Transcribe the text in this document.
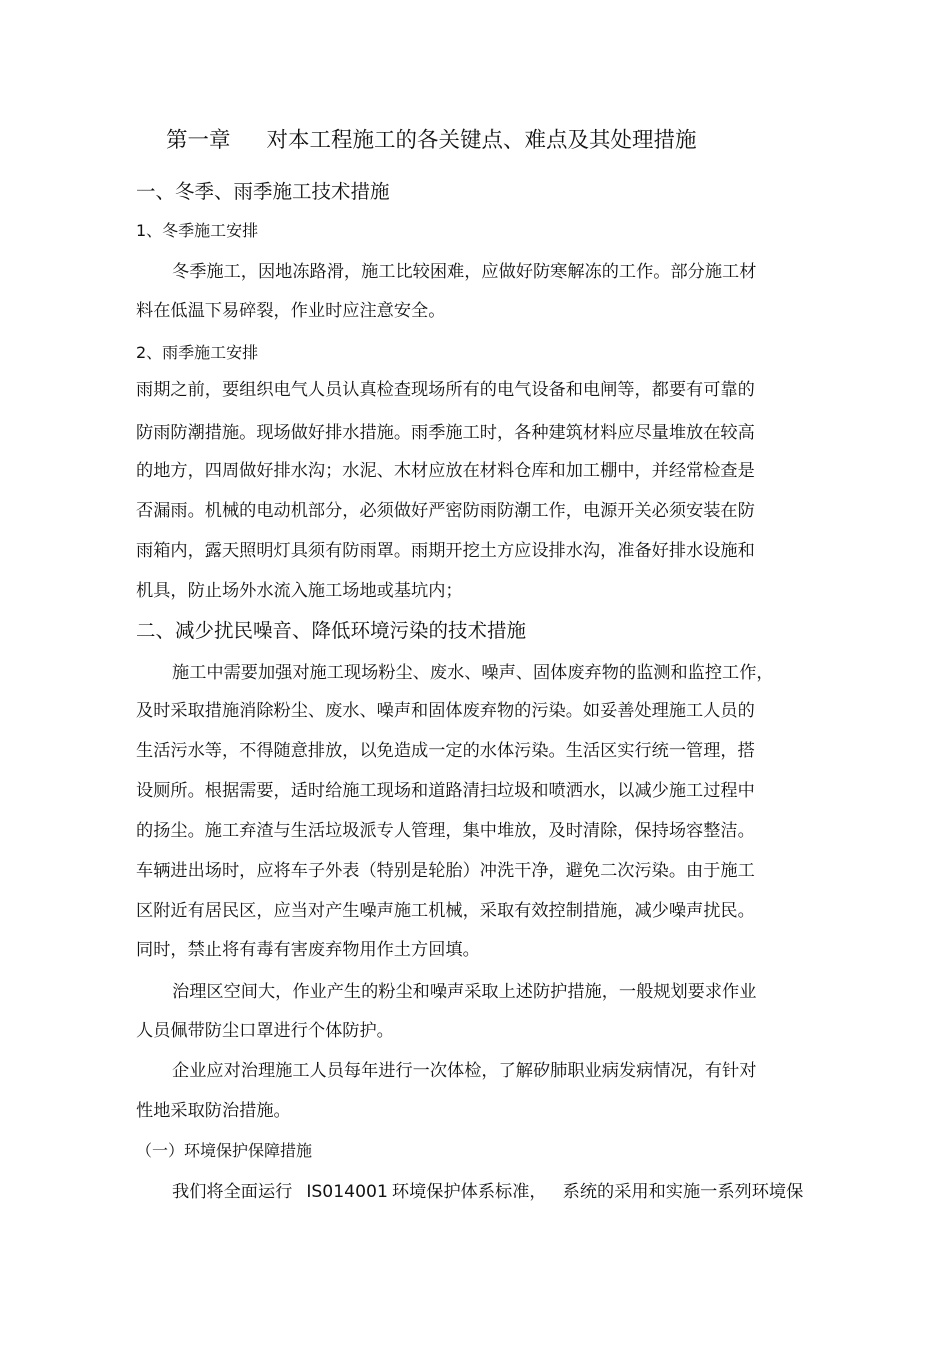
第一章 对本工程施工的各关键点、难点及其处理措施
一、冬季、雨季施工技术措施
1、冬季施工安排
冬季施工，因地冻路滑，施工比较困难，应做好防寒解冻的工作。部分施工材
料在低温下易碎裂，作业时应注意安全。
2、雨季施工安排
雨期之前，要组织电气人员认真检查现场所有的电气设备和电闸等，都要有可靠的
防雨防潮措施。现场做好排水措施。雨季施工时，各种建筑材料应尽量堆放在较高
的地方，四周做好排水沟；水泥、木材应放在材料仓库和加工棚中，并经常检查是
否漏雨。机械的电动机部分，必须做好严密防雨防潮工作，电源开关必须安装在防
雨箱内，露天照明灯具须有防雨罩。雨期开挖土方应设排水沟，准备好排水设施和
机具，防止场外水流入施工场地或基坑内；
二、减少扰民噪音、降低环境污染的技术措施
施工中需要加强对施工现场粉尘、废水、噪声、固体废弃物的监测和监控工作，
及时采取措施消除粉尘、废水、噪声和固体废弃物的污染。如妥善处理施工人员的
生活污水等，不得随意排放，以免造成一定的水体污染。生活区实行统一管理，搭
设厕所。根据需要，适时给施工现场和道路清扫垃圾和喷洒水，以减少施工过程中
的扬尘。施工弃渣与生活垃圾派专人管理，集中堆放，及时清除，保持场容整洁。
车辆进出场时，应将车子外表（特别是轮胎）冲洗干净，避免二次污染。由于施工
区附近有居民区，应当对产生噪声施工机械，采取有效控制措施，减少噪声扰民。
同时，禁止将有毒有害废弃物用作土方回填。
治理区空间大，作业产生的粉尘和噪声采取上述防护措施，一般规划要求作业
人员佩带防尘口罩进行个体防护。
企业应对治理施工人员每年进行一次体检，了解矽肺职业病发病情况，有针对
性地采取防治措施。
（一）环境保护保障措施
我们将全面运行 IS014001 环境保护体系标准， 系统的采用和实施一系列环境保
